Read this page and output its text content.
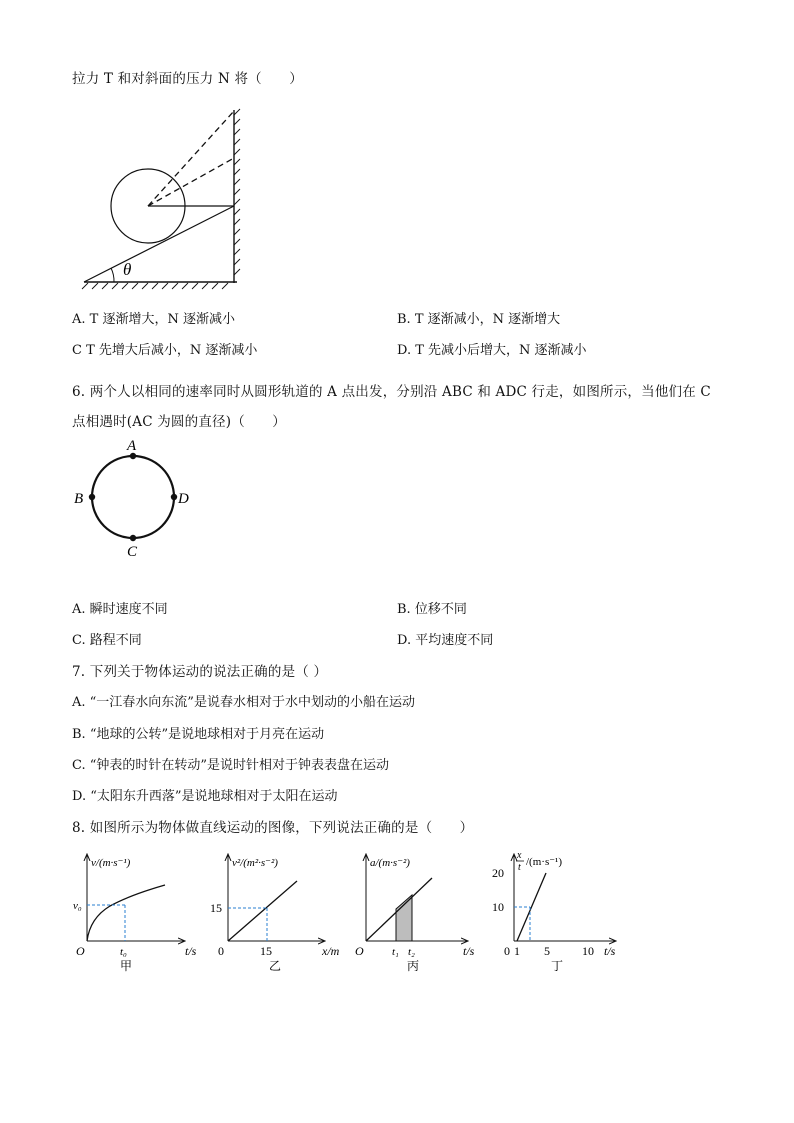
拉力 T 和对斜面的压力 N 将（　　）
θ
A. T 逐渐增大，N 逐渐减小	B. T 逐渐减小，N 逐渐增大
C T 先增大后减小，N 逐渐减小	D. T 先减小后增大，N 逐渐减小
6. 两个人以相同的速率同时从圆形轨道的 A 点出发，分别沿 ABC 和 ADC 行走，如图所示，当他们在 C
点相遇时(AC 为圆的直径)（　　）
A
B	D
C
A. 瞬时速度不同	B. 位移不同
C. 路程不同	D. 平均速度不同
7. 下列关于物体运动的说法正确的是（ ）
A. “一江春水向东流”是说春水相对于水中划动的小船在运动
B. “地球的公转”是说地球相对于月亮在运动
C. “钟表的时针在转动”是说时针相对于钟表表盘在运动
D. “太阳东升西落”是说地球相对于太阳在运动
8. 如图所示为物体做直线运动的图像，下列说法正确的是（　　）
v/(m·s⁻¹)
v₀
t₀
O	t/s
甲
v²/(m²·s⁻²)
15
15
0	x/m
乙
a/(m·s⁻²)
t₁ t₂
O	t/s
丙
x
t /(m·s⁻¹)
20
10
0 1 5	10 t/s
丁
